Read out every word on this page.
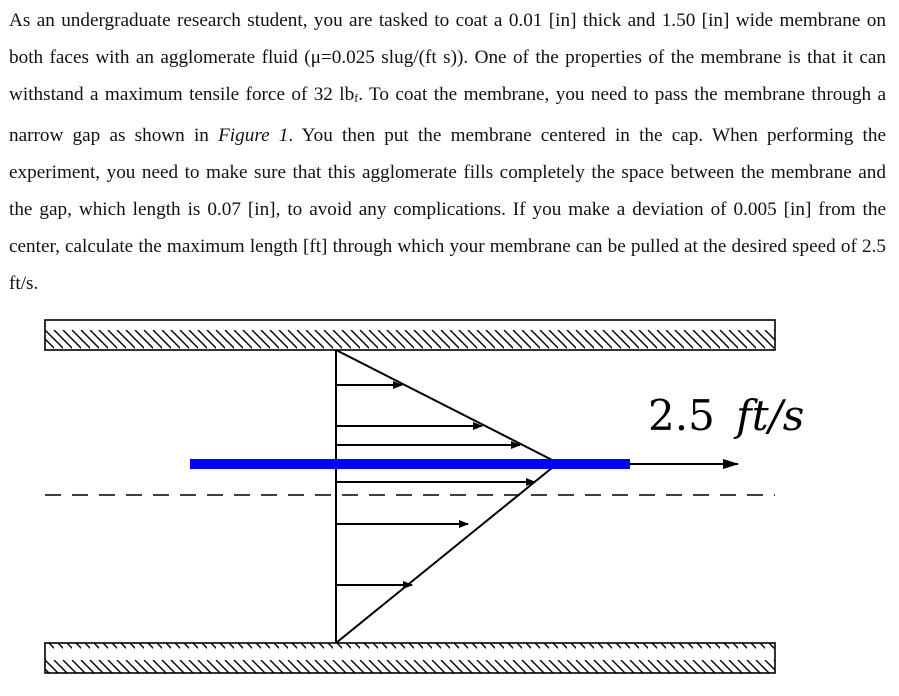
As an undergraduate research student, you are tasked to coat a 0.01 [in] thick and 1.50 [in] wide membrane on both faces with an agglomerate fluid (μ=0.025 slug/(ft s)). One of the properties of the membrane is that it can withstand a maximum tensile force of 32 lbf. To coat the membrane, you need to pass the membrane through a narrow gap as shown in Figure 1. You then put the membrane centered in the cap. When performing the experiment, you need to make sure that this agglomerate fills completely the space between the membrane and the gap, which length is 0.07 [in], to avoid any complications. If you make a deviation of 0.005 [in] from the center, calculate the maximum length [ft] through which your membrane can be pulled at the desired speed of 2.5 ft/s.

2.5 ft/s
